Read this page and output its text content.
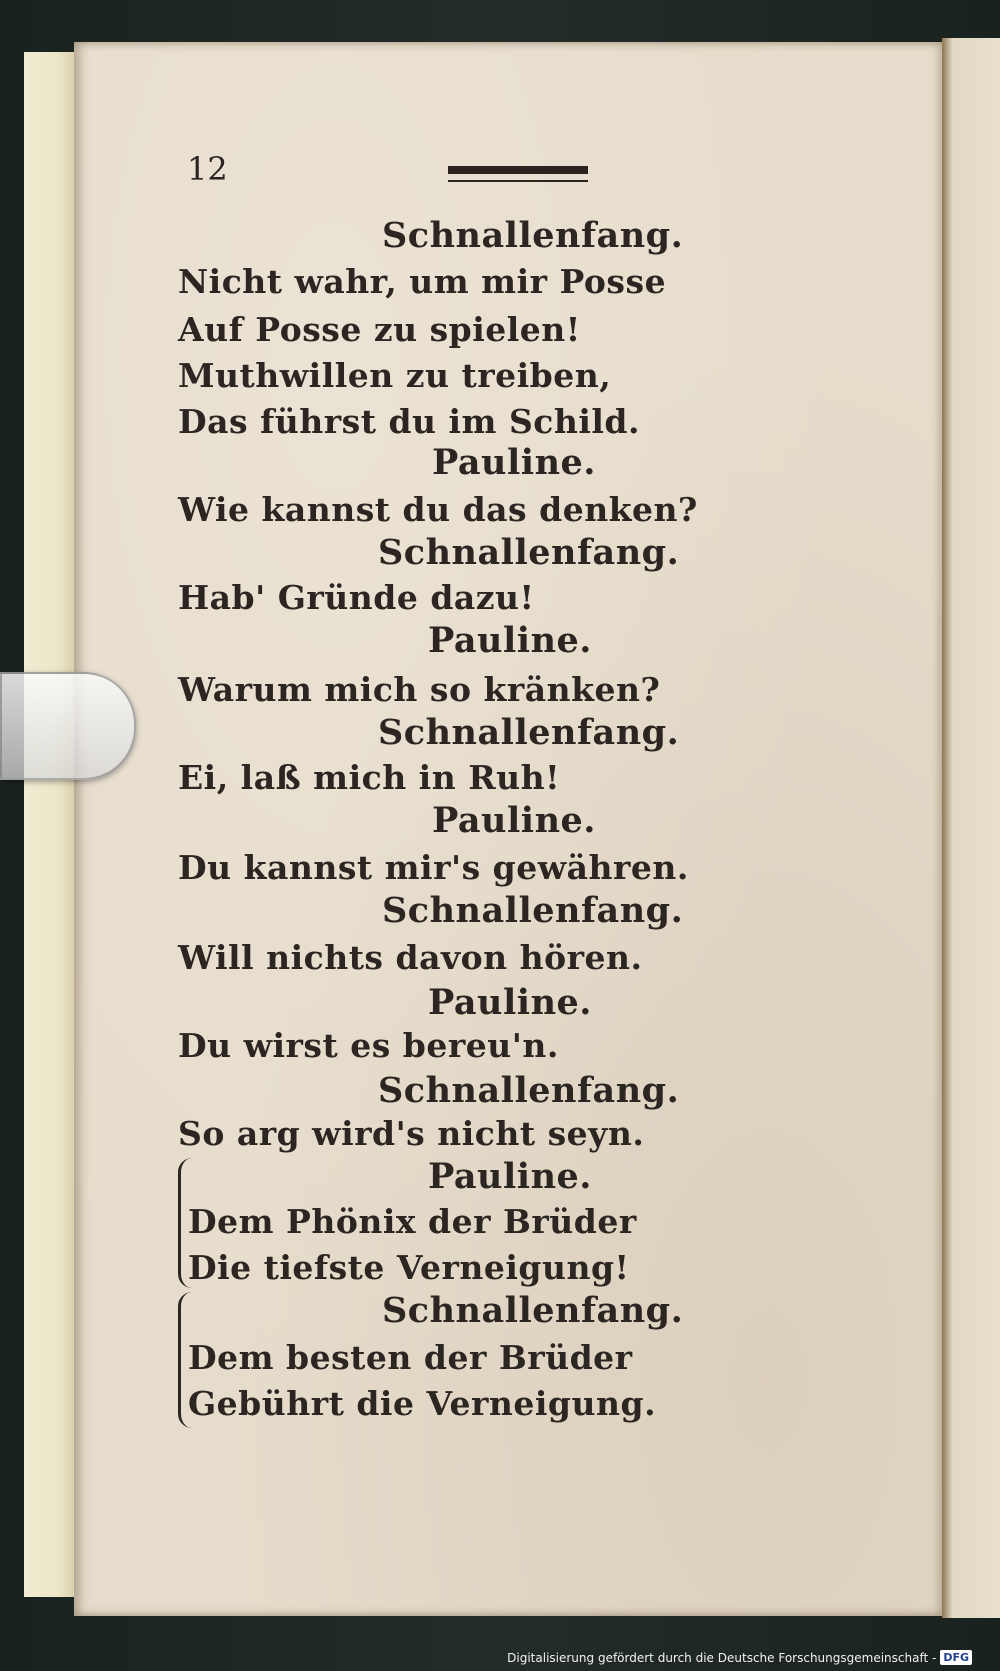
12
Schnallenfang.
Nicht wahr, um mir Posse
Auf Posse zu spielen!
Muthwillen zu treiben,
Das führst du im Schild.
Pauline.
Wie kannst du das denken?
Schnallenfang.
Hab' Gründe dazu!
Pauline.
Warum mich so kränken?
Schnallenfang.
Ei, laß mich in Ruh!
Pauline.
Du kannst mir's gewähren.
Schnallenfang.
Will nichts davon hören.
Pauline.
Du wirst es bereu'n.
Schnallenfang.
So arg wird's nicht seyn.
Pauline.
Dem Phönix der Brüder
Die tiefste Verneigung!
Schnallenfang.
Dem besten der Brüder
Gebührt die Verneigung.
Digitalisierung gefördert durch die Deutsche Forschungsgemeinschaft - DFG
